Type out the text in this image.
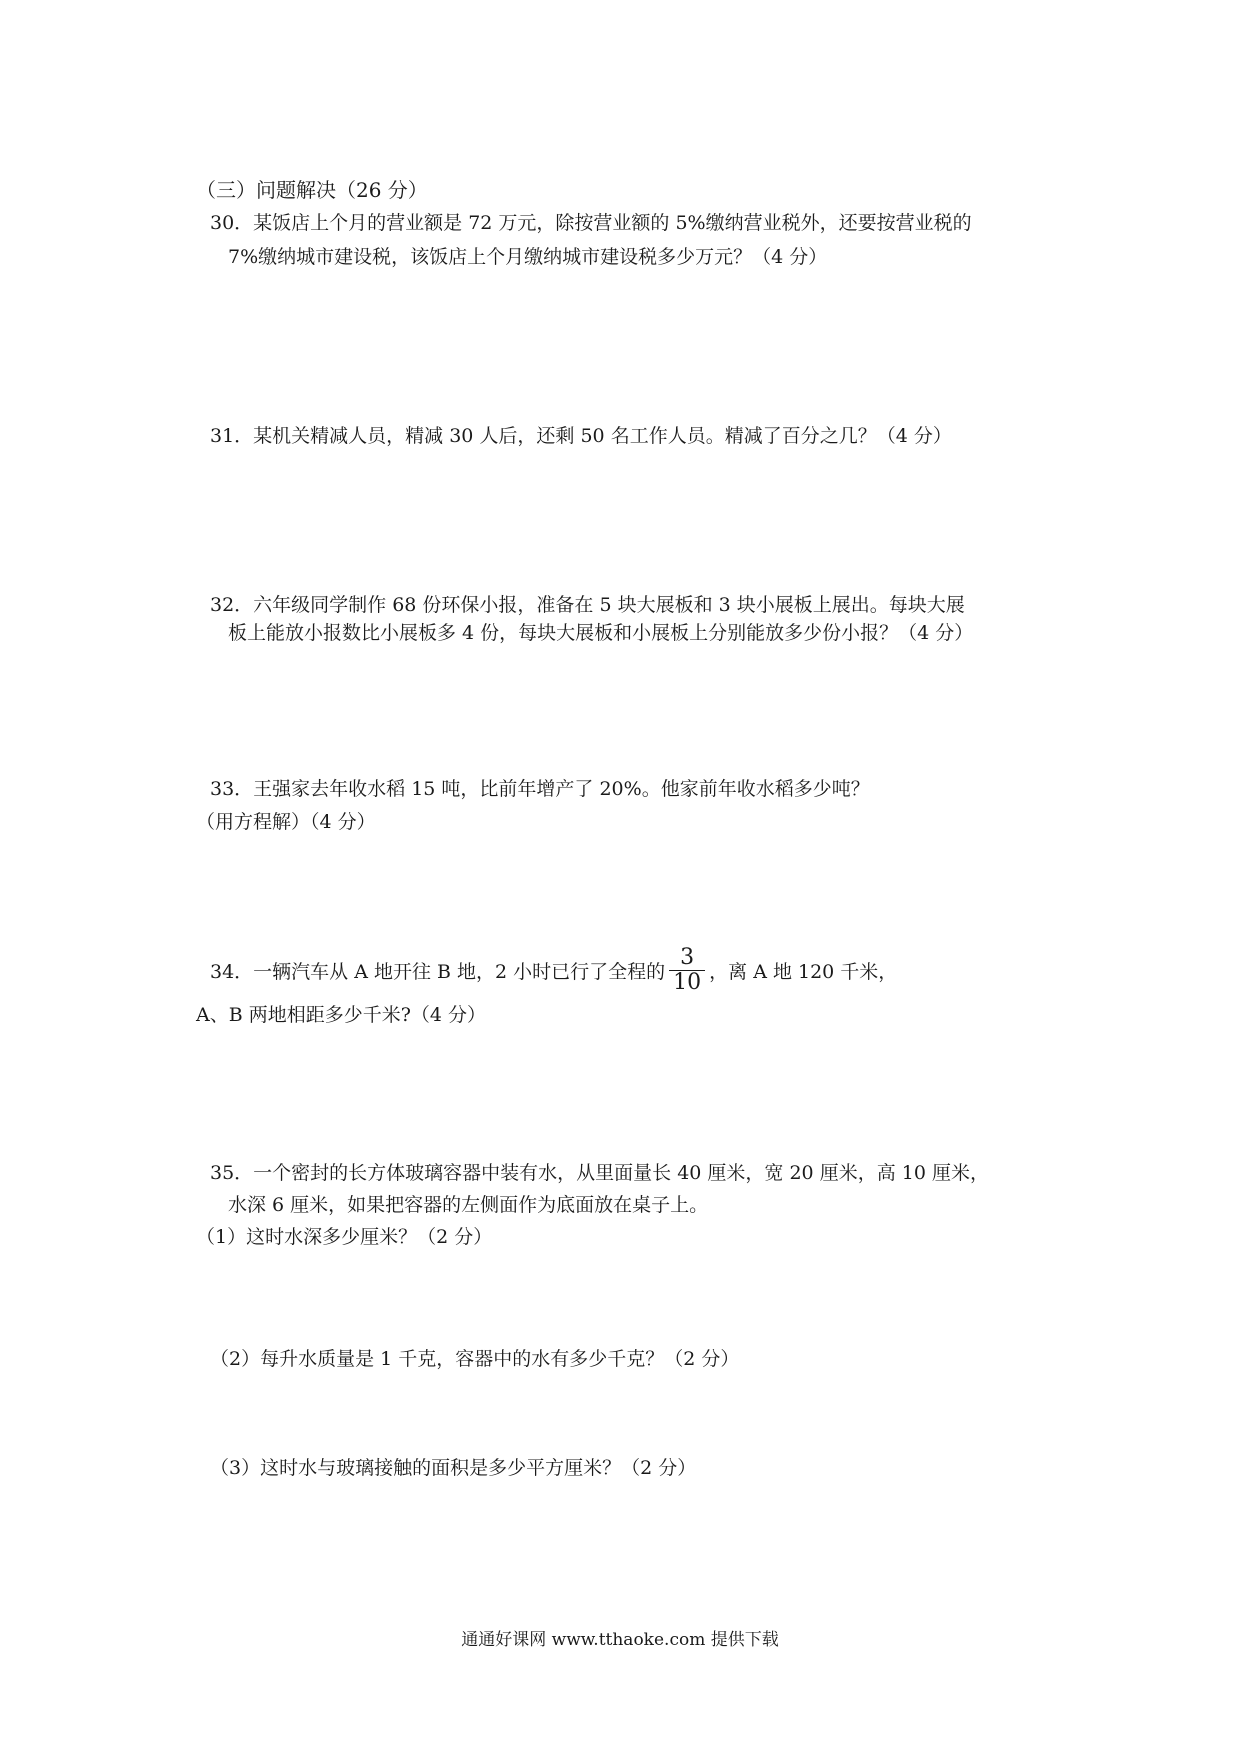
（三）问题解决（26 分）
30．某饭店上个月的营业额是 72 万元，除按营业额的 5%缴纳营业税外，还要按营业税的
7%缴纳城市建设税，该饭店上个月缴纳城市建设税多少万元？（4 分）
31．某机关精减人员，精减 30 人后，还剩 50 名工作人员。精减了百分之几？（4 分）
32．六年级同学制作 68 份环保小报，准备在 5 块大展板和 3 块小展板上展出。每块大展
板上能放小报数比小展板多 4 份，每块大展板和小展板上分别能放多少份小报？（4 分）
33．王强家去年收水稻 15 吨，比前年增产了 20%。他家前年收水稻多少吨？
（用方程解）（4 分）
34．一辆汽车从 A 地开往 B 地，2 小时已行了全程的 $\frac{3}{10}$ ，离 A 地 120 千米，
A、B 两地相距多少千米?（4 分）
35．一个密封的长方体玻璃容器中装有水，从里面量长 40 厘米，宽 20 厘米，高 10 厘米，
水深 6 厘米，如果把容器的左侧面作为底面放在桌子上。
（1）这时水深多少厘米？（2 分）
（2）每升水质量是 1 千克，容器中的水有多少千克？（2 分）
（3）这时水与玻璃接触的面积是多少平方厘米？（2 分）
通通好课网 www.tthaoke.com 提供下载
